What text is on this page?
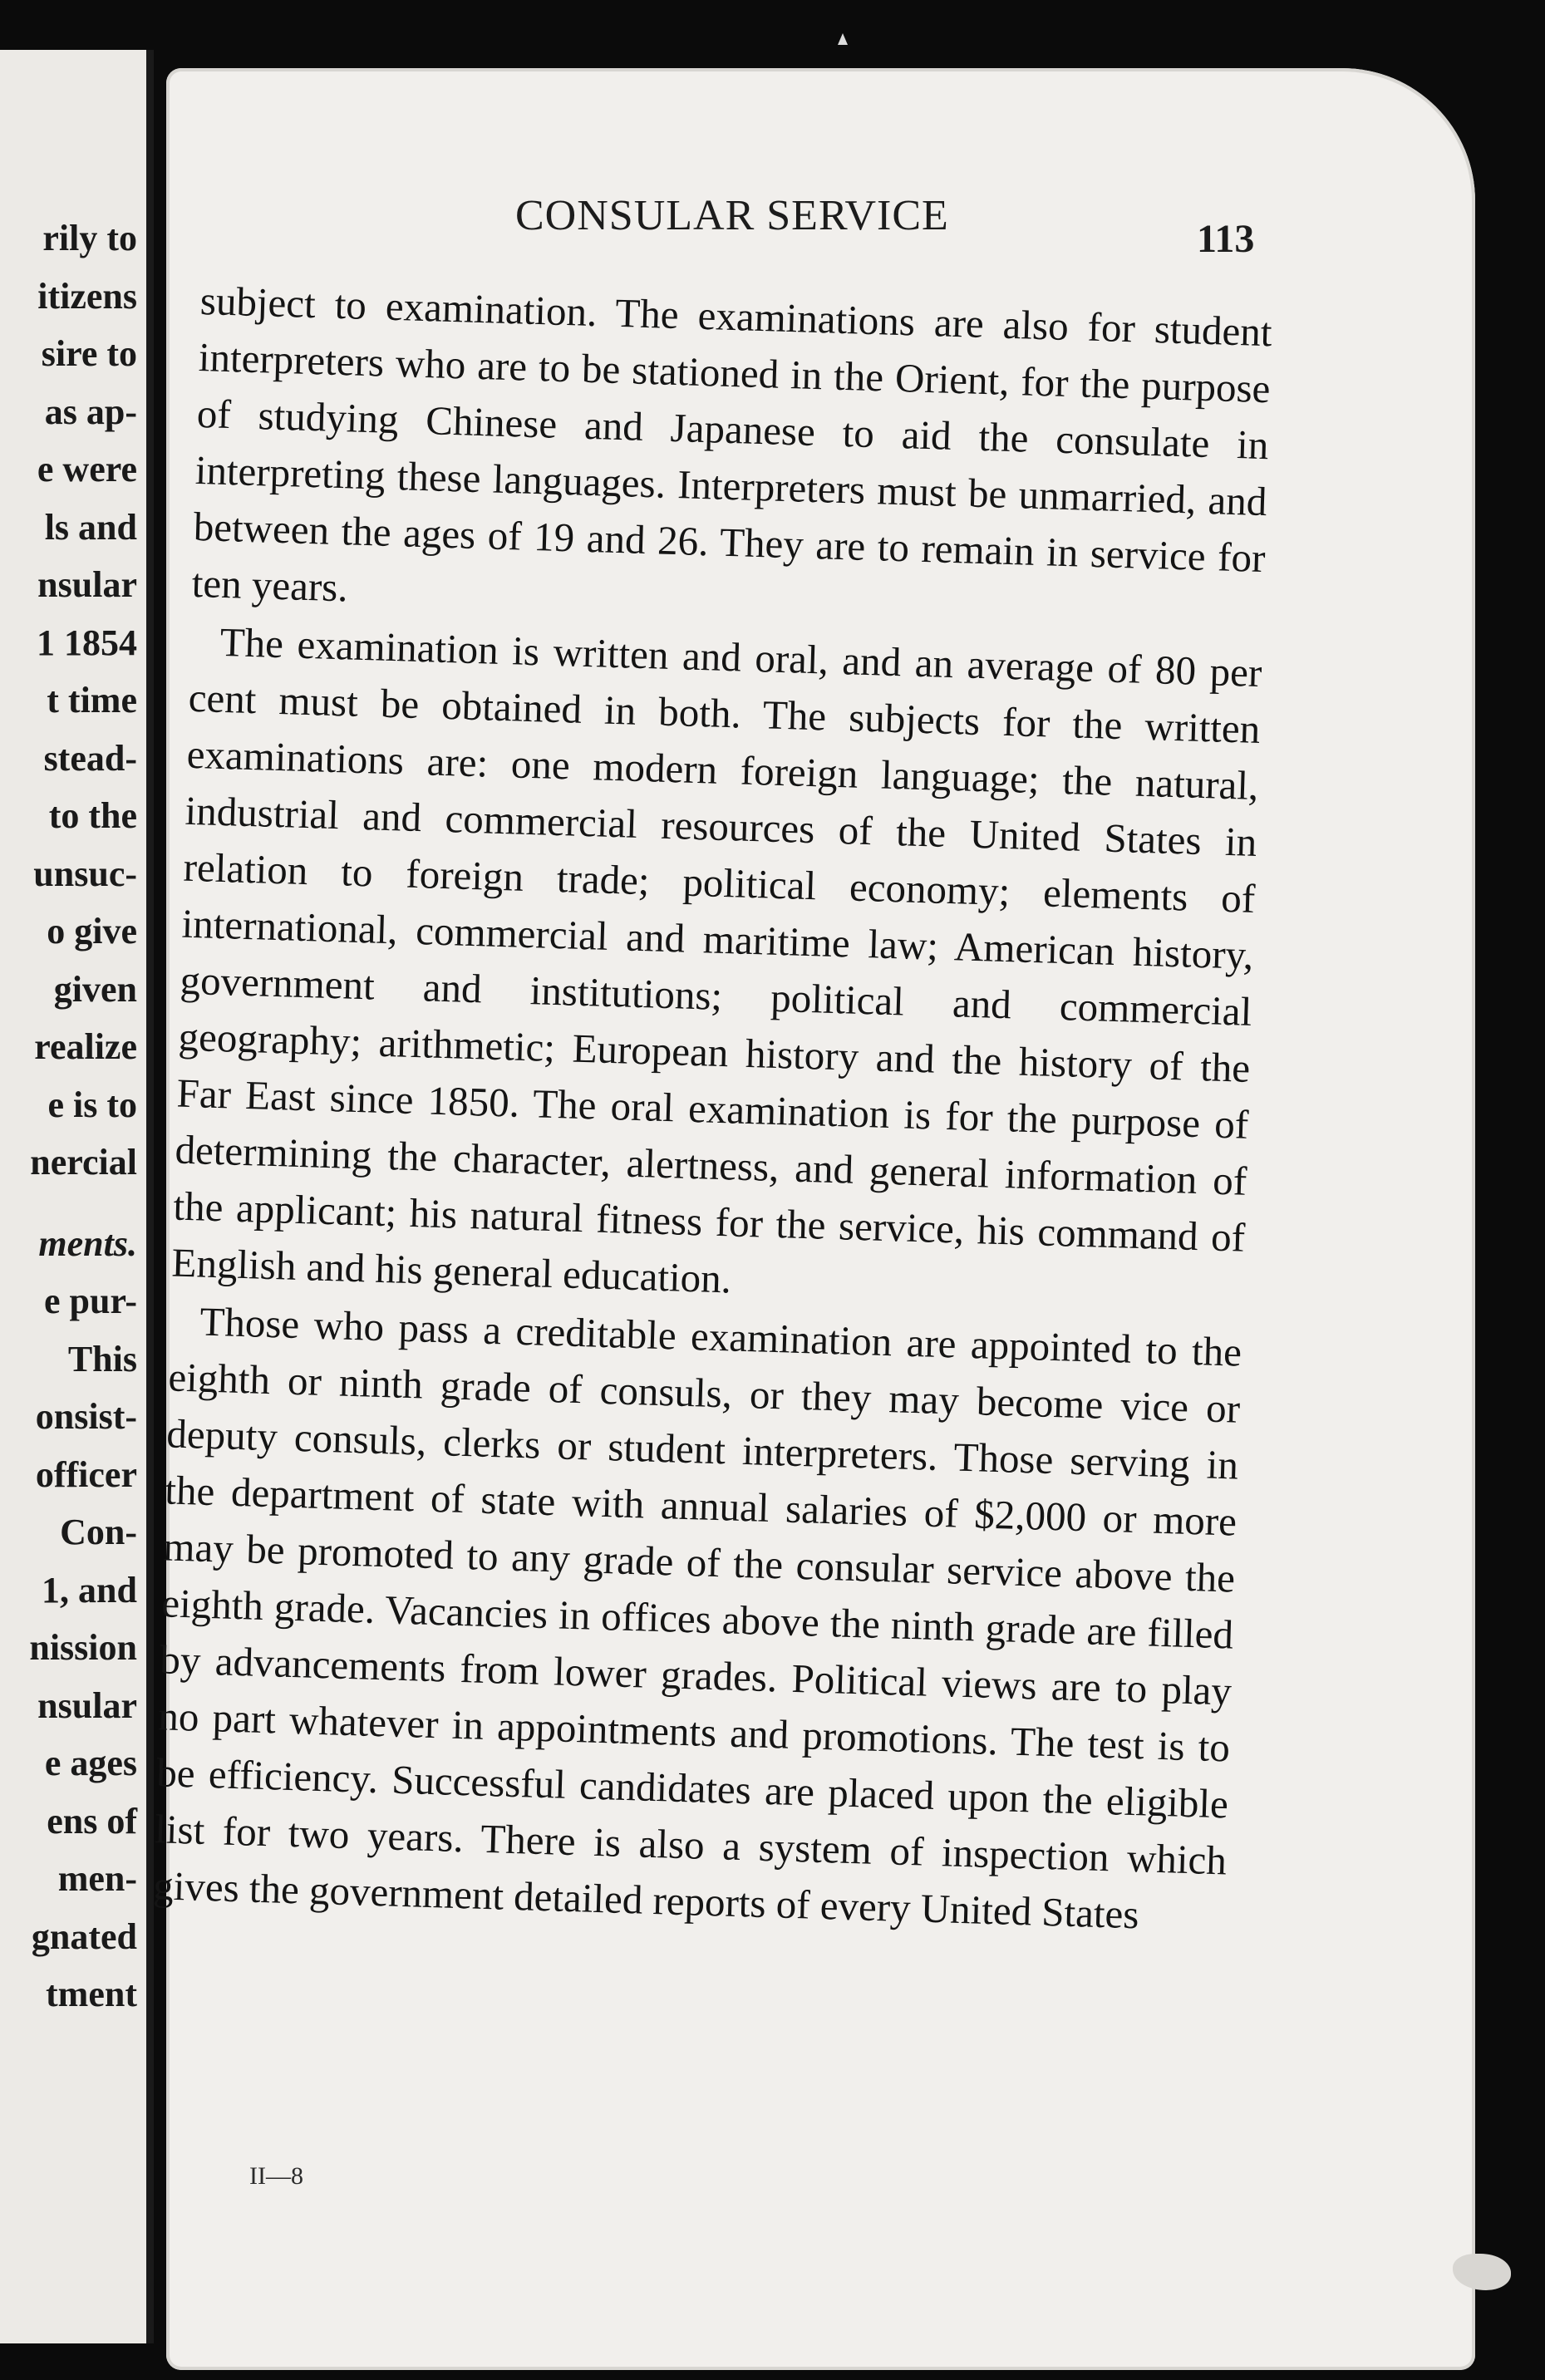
rily to
itizens
sire to
as ap-
e were
ls and
nsular
1 1854
t time
stead-
to the
unsuc-
o give
given
realize
e is to
nercial
ments.
e pur-
This
onsist-
officer
Con-
1, and
nission
nsular
e ages
ens of
men-
gnated
tment
CONSULAR SERVICE	113

subject to examination. The examinations are also for student interpreters who are to be stationed in the Orient, for the purpose of studying Chinese and Japanese to aid the consulate in interpreting these languages. Interpreters must be unmarried, and between the ages of 19 and 26. They are to remain in service for ten years.

The examination is written and oral, and an average of 80 per cent must be obtained in both. The subjects for the written examinations are: one modern foreign language; the natural, industrial and commercial resources of the United States in relation to foreign trade; political economy; elements of international, commercial and maritime law; American history, government and institutions; political and commercial geography; arithmetic; European history and the history of the Far East since 1850. The oral examination is for the purpose of determining the character, alertness, and general information of the applicant; his natural fitness for the service, his command of English and his general education.

Those who pass a creditable examination are appointed to the eighth or ninth grade of consuls, or they may become vice or deputy consuls, clerks or student interpreters. Those serving in the department of state with annual salaries of $2,000 or more may be promoted to any grade of the consular service above the eighth grade. Vacancies in offices above the ninth grade are filled by advancements from lower grades. Political views are to play no part whatever in appointments and promotions. The test is to be efficiency. Successful candidates are placed upon the eligible list for two years. There is also a system of inspection which gives the government detailed reports of every United States

II—8
